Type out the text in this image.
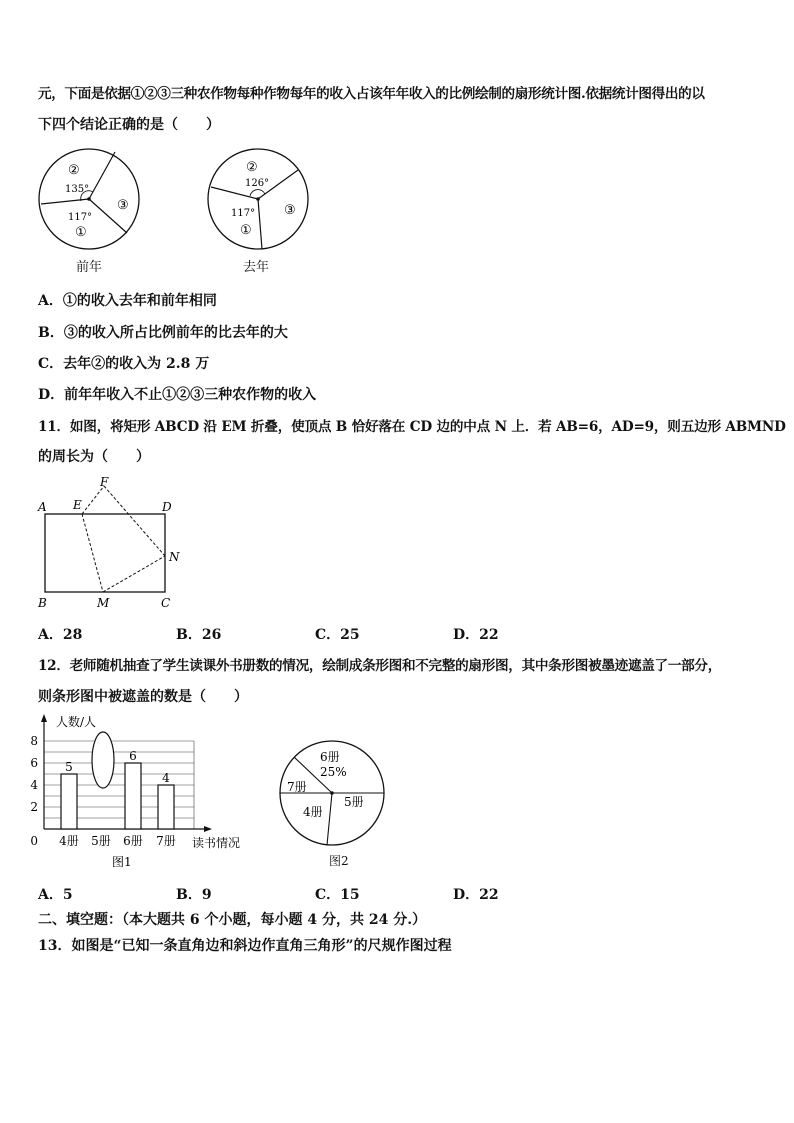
元，下面是依据①②③三种农作物每种作物每年的收入占该年年收入的比例绘制的扇形统计图.依据统计图得出的以
下四个结论正确的是（　　）
②
135°
117°
①
③
前年
②
126°
117°
①
③
去年
A．①的收入去年和前年相同
B．③的收入所占比例前年的比去年的大
C．去年②的收入为 2.8 万
D．前年年收入不止①②③三种农作物的收入
11．如图，将矩形 ABCD 沿 EM 折叠，使顶点 B 恰好落在 CD 边的中点 N 上．若 AB=6，AD=9，则五边形 ABMND
的周长为（　　）
A E
F
D
N
B	M	C
A．28	B．26	C．25	D．22
12．老师随机抽查了学生读课外书册数的情况，绘制成条形图和不完整的扇形图，其中条形图被墨迹遮盖了一部分，
则条形图中被遮盖的数是（　　）
人数/人
读书情况
0
2
4
6
8
5
4册 5册
6
6册
4
7册
图1
6册
25%
7册
4册
5册
图2
A．5	B．9	C．15	D．22
二、填空题：（本大题共 6 个小题，每小题 4 分，共 24 分.）
13．如图是“已知一条直角边和斜边作直角三角形”的尺规作图过程
